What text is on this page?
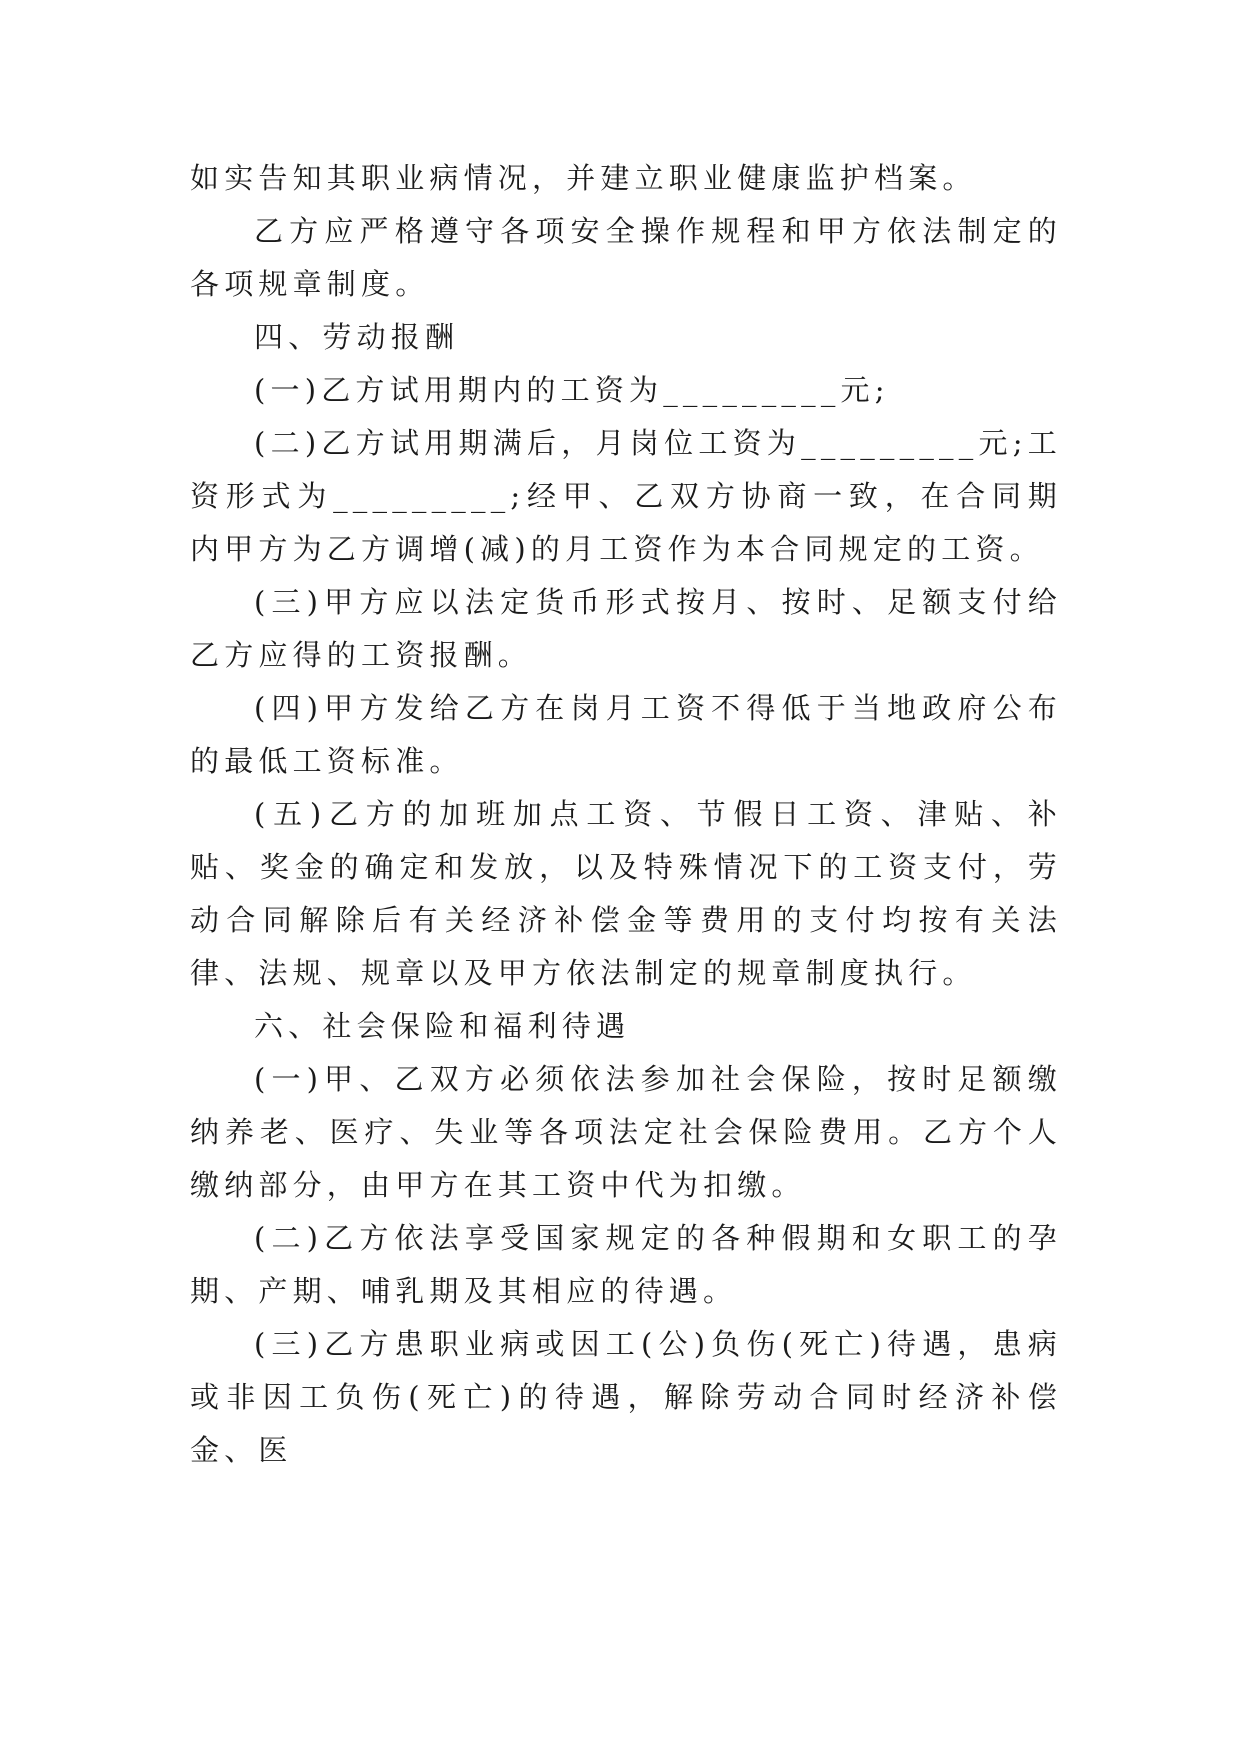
如实告知其职业病情况，并建立职业健康监护档案。

乙方应严格遵守各项安全操作规程和甲方依法制定的各项规章制度。

四、劳动报酬

(一)乙方试用期内的工资为_________元;

(二)乙方试用期满后，月岗位工资为_________元;工资形式为_________;经甲、乙双方协商一致，在合同期内甲方为乙方调增(减)的月工资作为本合同规定的工资。

(三)甲方应以法定货币形式按月、按时、足额支付给乙方应得的工资报酬。

(四)甲方发给乙方在岗月工资不得低于当地政府公布的最低工资标准。

(五)乙方的加班加点工资、节假日工资、津贴、补贴、奖金的确定和发放，以及特殊情况下的工资支付，劳动合同解除后有关经济补偿金等费用的支付均按有关法律、法规、规章以及甲方依法制定的规章制度执行。

六、社会保险和福利待遇

(一)甲、乙双方必须依法参加社会保险，按时足额缴纳养老、医疗、失业等各项法定社会保险费用。乙方个人缴纳部分，由甲方在其工资中代为扣缴。

(二)乙方依法享受国家规定的各种假期和女职工的孕期、产期、哺乳期及其相应的待遇。

(三)乙方患职业病或因工(公)负伤(死亡)待遇，患病或非因工负伤(死亡)的待遇，解除劳动合同时经济补偿金、医
